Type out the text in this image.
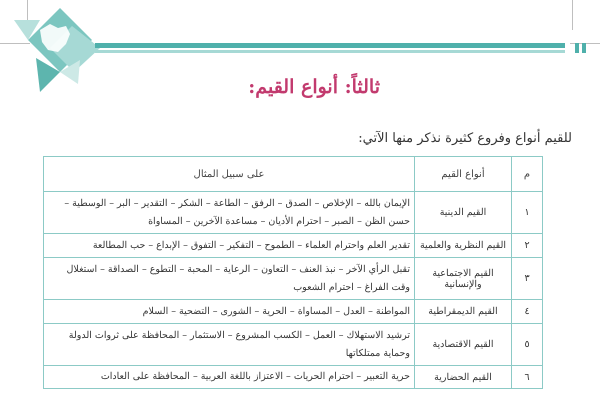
ثالثاً: أنواع القيم:
للقيم أنواع وفروع كثيرة نذكر منها الآتي:
م	أنواع القيم	على سبيل المثال
١	القيم الدينية	الإيمان بالله – الإخلاص – الصدق – الرفق – الطاعة – الشكر – التقدير – البر – الوسطية – حسن الظن – الصبر – احترام الأديان – مساعدة الآخرين – المساواة
٢	القيم النظرية والعلمية	تقدير العلم واحترام العلماء – الطموح – التفكير – التفوق – الإبداع – حب المطالعة
٣	القيم الاجتماعية والإنسانية	تقبل الرأي الآخر – نبذ العنف – التعاون – الرعاية – المحبة – التطوع – الصداقة – استغلال وقت الفراغ – احترام الشعوب
٤	القيم الديمقراطية	المواطنة – العدل – المساواة – الحرية – الشورى – التضحية – السلام
٥	القيم الاقتصادية	ترشيد الاستهلاك – العمل – الكسب المشروع – الاستثمار – المحافظة على ثروات الدولة وحماية ممتلكاتها
٦	القيم الحضارية	حرية التعبير – احترام الحريات – الاعتزاز باللغة العربية – المحافظة على العادات
